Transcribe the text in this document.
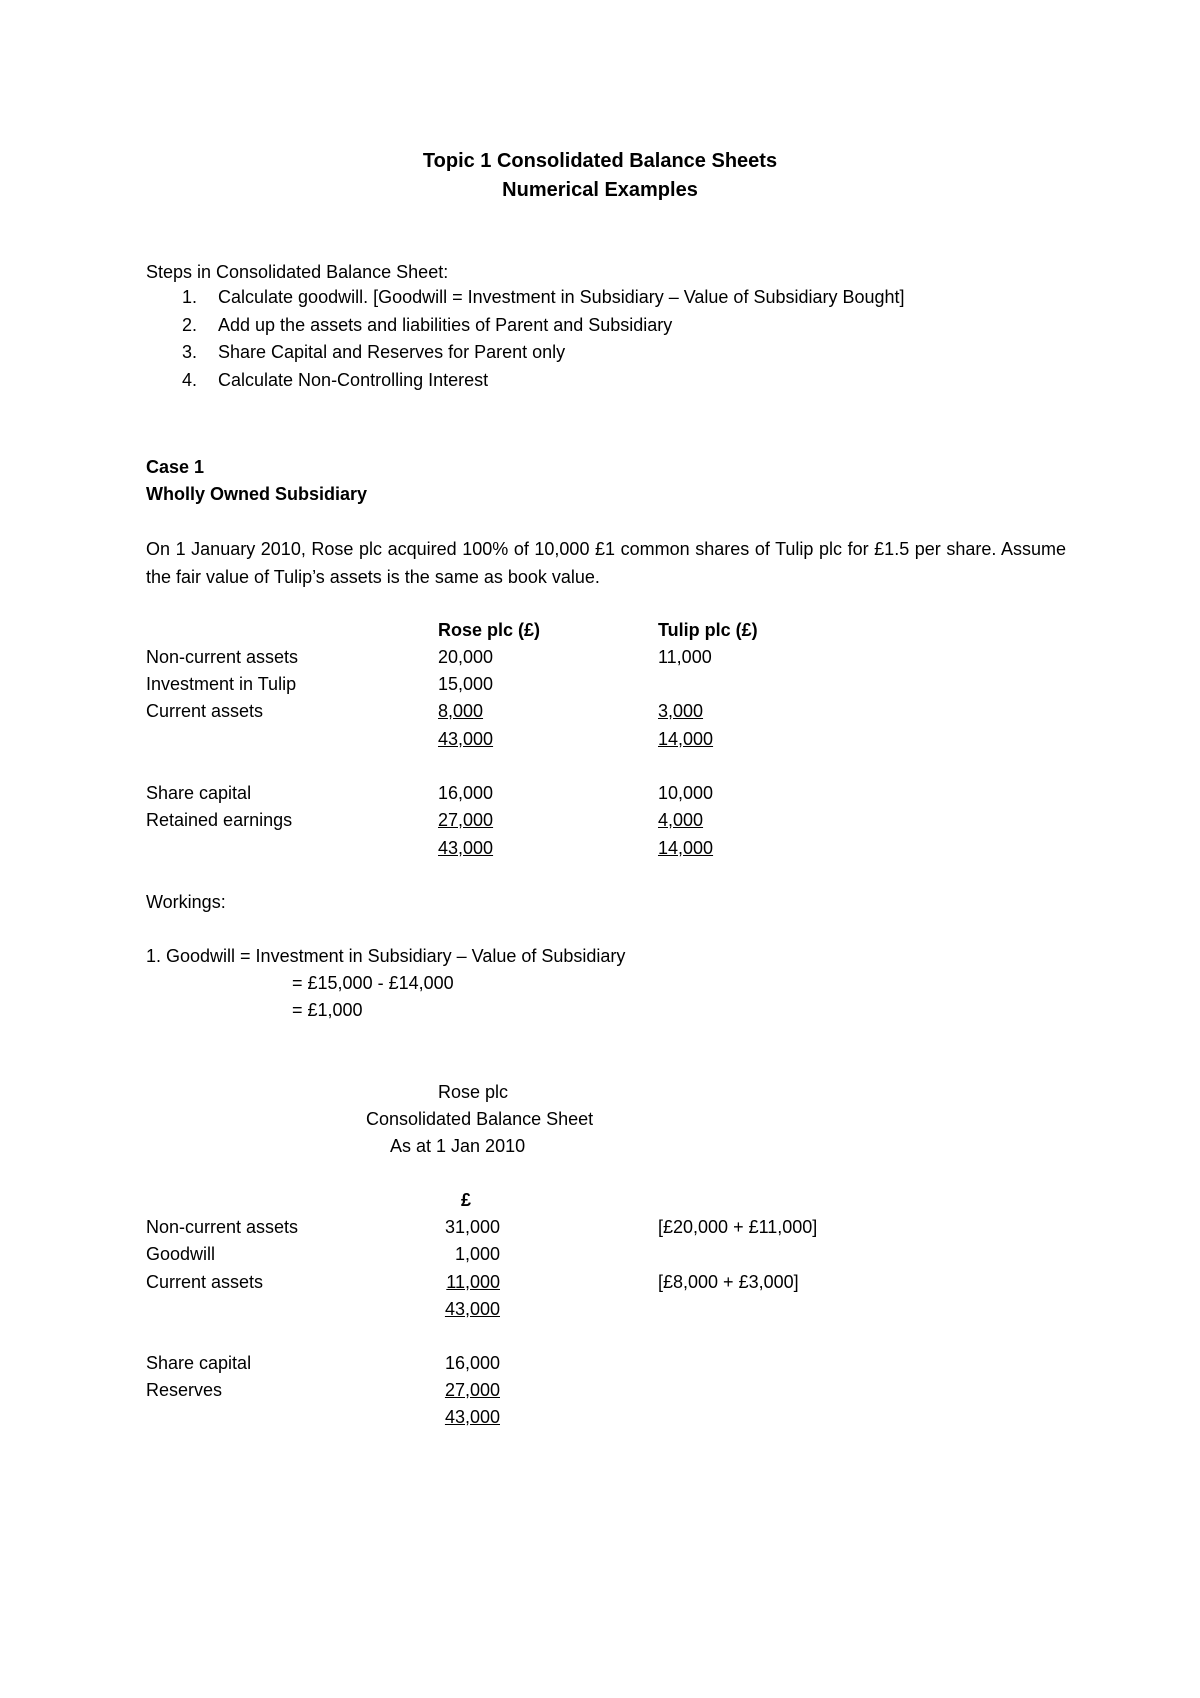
Topic 1 Consolidated Balance Sheets
Numerical Examples
Steps in Consolidated Balance Sheet:
1. Calculate goodwill. [Goodwill = Investment in Subsidiary – Value of Subsidiary Bought]
2. Add up the assets and liabilities of Parent and Subsidiary
3. Share Capital and Reserves for Parent only
4. Calculate Non-Controlling Interest
Case 1
Wholly Owned Subsidiary
On 1 January 2010, Rose plc acquired 100% of 10,000 £1 common shares of Tulip plc for £1.5 per share. Assume the fair value of Tulip’s assets is the same as book value.
Rose plc (£)	Tulip plc (£)
Non-current assets	20,000	11,000
Investment in Tulip	15,000
Current assets	8,000	3,000
43,000	14,000
Share capital	16,000	10,000
Retained earnings	27,000	4,000
43,000	14,000
Workings:
1. Goodwill = Investment in Subsidiary – Value of Subsidiary
= £15,000 - £14,000
= £1,000
Rose plc
Consolidated Balance Sheet
As at 1 Jan 2010
£
Non-current assets	31,000	[£20,000 + £11,000]
Goodwill	1,000
Current assets	11,000	[£8,000 + £3,000]
43,000
Share capital	16,000
Reserves	27,000
43,000
